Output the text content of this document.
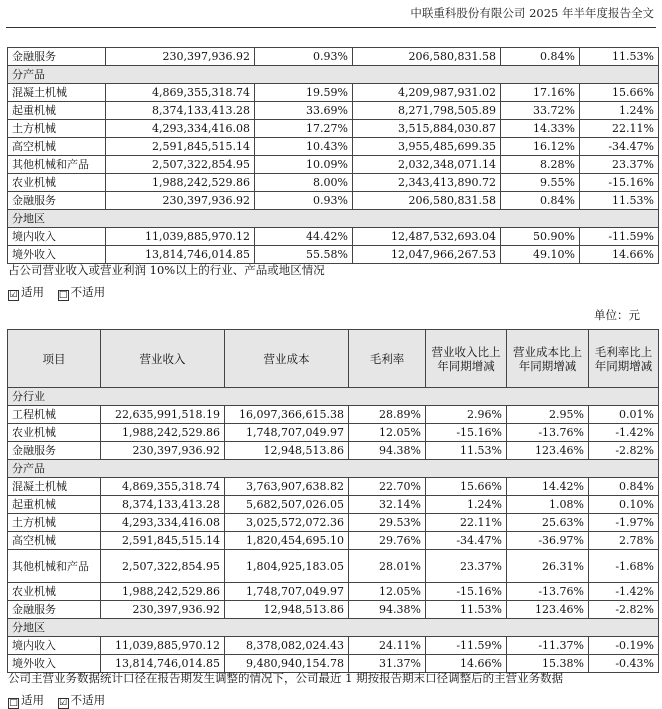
中联重科股份有限公司 2025 年半年度报告全文
金融服务	230,397,936.92	0.93%	206,580,831.58	0.84%	11.53%
分产品					
混凝土机械	4,869,355,318.74	19.59%	4,209,987,931.02	17.16%	15.66%
起重机械	8,374,133,413.28	33.69%	8,271,798,505.89	33.72%	1.24%
土方机械	4,293,334,416.08	17.27%	3,515,884,030.87	14.33%	22.11%
高空机械	2,591,845,515.14	10.43%	3,955,485,699.35	16.12%	-34.47%
其他机械和产品	2,507,322,854.95	10.09%	2,032,348,071.14	8.28%	23.37%
农业机械	1,988,242,529.86	8.00%	2,343,413,890.72	9.55%	-15.16%
金融服务	230,397,936.92	0.93%	206,580,831.58	0.84%	11.53%
分地区					
境内收入	11,039,885,970.12	44.42%	12,487,532,693.04	50.90%	-11.59%
境外收入	13,814,746,014.85	55.58%	12,047,966,267.53	49.10%	14.66%
占公司营业收入或营业利润 10%以上的行业、产品或地区情况
☑ 适用 □ 不适用
单位：元
项目	营业收入	营业成本	毛利率	营业收入比上年同期增减	营业成本比上年同期增减	毛利率比上年同期增减
分行业						
工程机械	22,635,991,518.19	16,097,366,615.38	28.89%	2.96%	2.95%	0.01%
农业机械	1,988,242,529.86	1,748,707,049.97	12.05%	-15.16%	-13.76%	-1.42%
金融服务	230,397,936.92	12,948,513.86	94.38%	11.53%	123.46%	-2.82%
分产品						
混凝土机械	4,869,355,318.74	3,763,907,638.82	22.70%	15.66%	14.42%	0.84%
起重机械	8,374,133,413.28	5,682,507,026.05	32.14%	1.24%	1.08%	0.10%
土方机械	4,293,334,416.08	3,025,572,072.36	29.53%	22.11%	25.63%	-1.97%
高空机械	2,591,845,515.14	1,820,454,695.10	29.76%	-34.47%	-36.97%	2.78%
其他机械和产品	2,507,322,854.95	1,804,925,183.05	28.01%	23.37%	26.31%	-1.68%
农业机械	1,988,242,529.86	1,748,707,049.97	12.05%	-15.16%	-13.76%	-1.42%
金融服务	230,397,936.92	12,948,513.86	94.38%	11.53%	123.46%	-2.82%
分地区						
境内收入	11,039,885,970.12	8,378,082,024.43	24.11%	-11.59%	-11.37%	-0.19%
境外收入	13,814,746,014.85	9,480,940,154.78	31.37%	14.66%	15.38%	-0.43%
公司主营业务数据统计口径在报告期发生调整的情况下，公司最近 1 期按报告期末口径调整后的主营业务数据
□ 适用 ☑ 不适用
